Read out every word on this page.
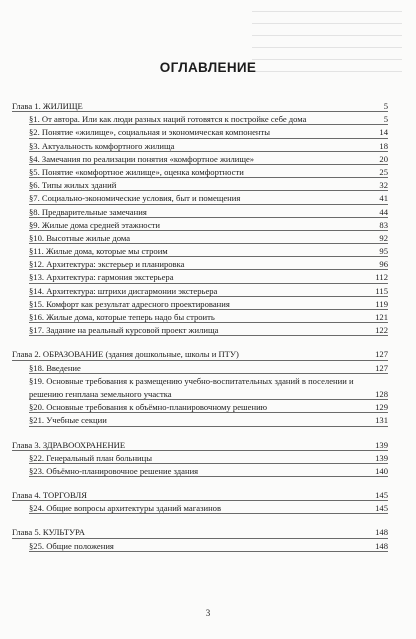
ОГЛАВЛЕНИЕ
Глава 1. ЖИЛИЩЕ	5
§1. От автора. Или как люди разных наций готовятся к постройке себе дома	5
§2. Понятие «жилище», социальная и экономическая компоненты	14
§3. Актуальность комфортного жилища	18
§4. Замечания по реализации понятия «комфортное жилище»	20
§5. Понятие «комфортное жилище», оценка комфортности	25
§6. Типы жилых зданий	32
§7. Социально-экономические условия, быт и помещения	41
§8. Предварительные замечания	44
§9. Жилые дома средней этажности	83
§10. Высотные жилые дома	92
§11. Жилые дома, которые мы строим	95
§12. Архитектура: экстерьер и планировка	96
§13. Архитектура: гармония экстерьера	112
§14. Архитектура: штрихи дисгармонии экстерьера	115
§15. Комфорт как результат адресного проектирования	119
§16. Жилые дома, которые теперь надо бы строить	121
§17. Задание на реальный курсовой проект жилища	122
Глава 2. ОБРАЗОВАНИЕ (здания дошкольные, школы и ПТУ)	127
§18. Введение	127
§19. Основные требования к размещению учебно-воспитательных зданий в поселении и решению генплана земельного участка	128
§20. Основные требования к объёмно-планировочному решению	129
§21. Учебные секции	131
Глава 3. ЗДРАВООХРАНЕНИЕ	139
§22. Генеральный план больницы	139
§23. Объёмно-планировочное решение здания	140
Глава 4. ТОРГОВЛЯ	145
§24. Общие вопросы архитектуры зданий магазинов	145
Глава 5. КУЛЬТУРА	148
§25. Общие положения	148
3
